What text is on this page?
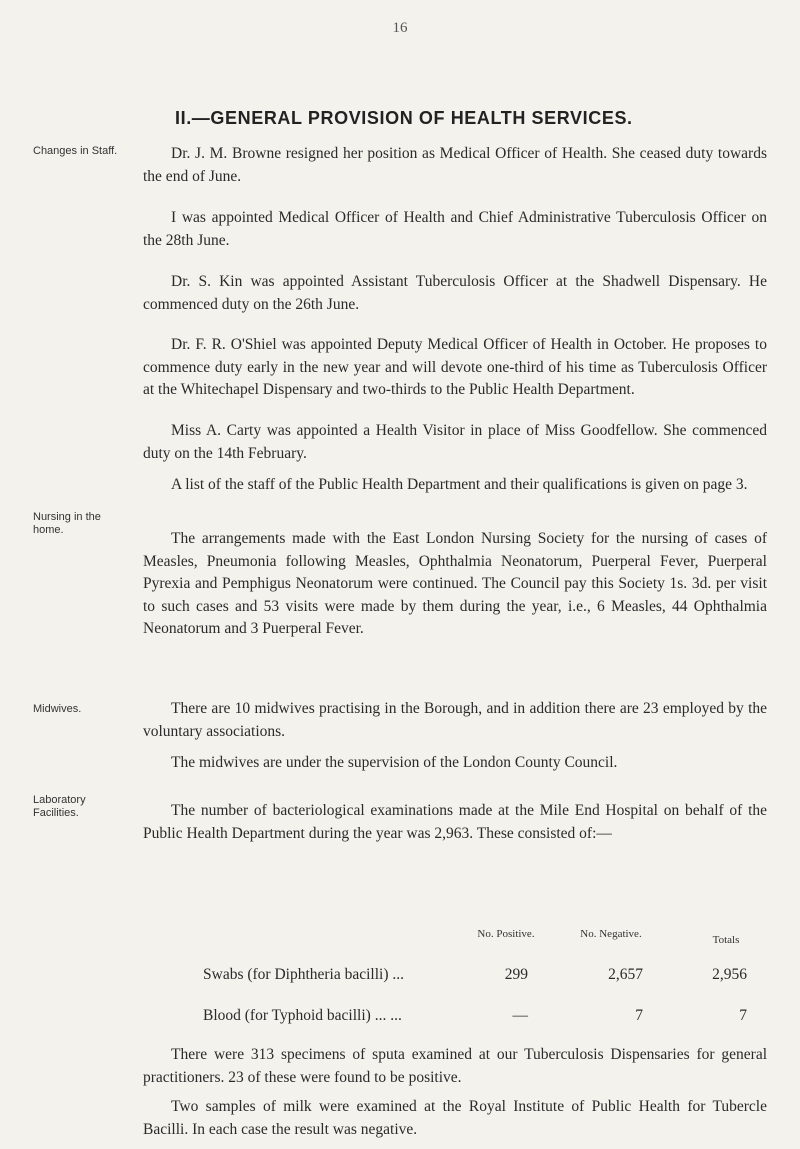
16
II.—GENERAL PROVISION OF HEALTH SERVICES.
Changes in Staff.
Nursing in the home.
Midwives.
Laboratory Facilities.

Dr. J. M. Browne resigned her position as Medical Officer of Health. She ceased duty towards the end of June.

I was appointed Medical Officer of Health and Chief Administrative Tuberculosis Officer on the 28th June.

Dr. S. Kin was appointed Assistant Tuberculosis Officer at the Shadwell Dispensary. He commenced duty on the 26th June.

Dr. F. R. O'Shiel was appointed Deputy Medical Officer of Health in October. He proposes to commence duty early in the new year and will devote one-third of his time as Tuberculosis Officer at the Whitechapel Dispensary and two-thirds to the Public Health Department.

Miss A. Carty was appointed a Health Visitor in place of Miss Goodfellow. She commenced duty on the 14th February.

A list of the staff of the Public Health Department and their qualifications is given on page 3.

The arrangements made with the East London Nursing Society for the nursing of cases of Measles, Pneumonia following Measles, Ophthalmia Neonatorum, Puerperal Fever, Puerperal Pyrexia and Pemphigus Neonatorum were continued. The Council pay this Society 1s. 3d. per visit to such cases and 53 visits were made by them during the year, i.e., 6 Measles, 44 Ophthalmia Neonatorum and 3 Puerperal Fever.

There are 10 midwives practising in the Borough, and in addition there are 23 employed by the voluntary associations.

The midwives are under the supervision of the London County Council.

The number of bacteriological examinations made at the Mile End Hospital on behalf of the Public Health Department during the year was 2,963. These consisted of:—

No. Positive.	No. Negative.	Totals
Swabs (for Diphtheria bacilli) ...	299	2,657	2,956
Blood (for Typhoid bacilli) ... ...	—	7	7

There were 313 specimens of sputa examined at our Tuberculosis Dispensaries for general practitioners. 23 of these were found to be positive.

Two samples of milk were examined at the Royal Institute of Public Health for Tubercle Bacilli. In each case the result was negative.
